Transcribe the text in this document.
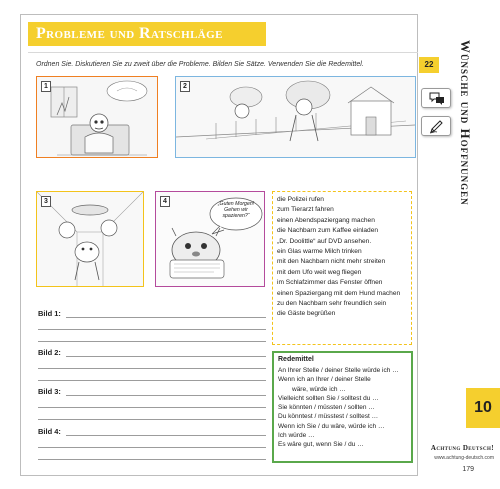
Probleme und Ratschläge
Ordnen Sie. Diskutieren Sie zu zweit über die Probleme. Bilden Sie Sätze. Verwenden Sie die Redemittel.	22	Wünsche und Hoffnungen
10
Achtung Deutsch!
www.achtung-deutsch.com
179
1	2
3	4	„Guten Morgen! Gehen wir spazieren?“
die Polizei rufen
zum Tierarzt fahren
einen Abendspaziergang machen
die Nachbarn zum Kaffee einladen
„Dr. Doolittle“ auf DVD ansehen.
ein Glas warme Milch trinken
mit den Nachbarn nicht mehr streiten
mit dem Ufo weit weg fliegen
im Schlafzimmer das Fenster öffnen
einen Spaziergang mit dem Hund machen
zu den Nachbarn sehr freundlich sein
die Gäste begrüßen
Bild 1:
Bild 2:
Bild 3:
Bild 4:
Redemittel
An Ihrer Stelle / deiner Stelle würde ich …
Wenn ich an Ihrer / deiner Stelle
wäre, würde ich …
Vielleicht sollten Sie / solltest du …
Sie könnten / müssten / sollten …
Du könntest / müsstest / solltest …
Wenn ich Sie / du wäre, würde ich …
Ich würde …
Es wäre gut, wenn Sie / du …
